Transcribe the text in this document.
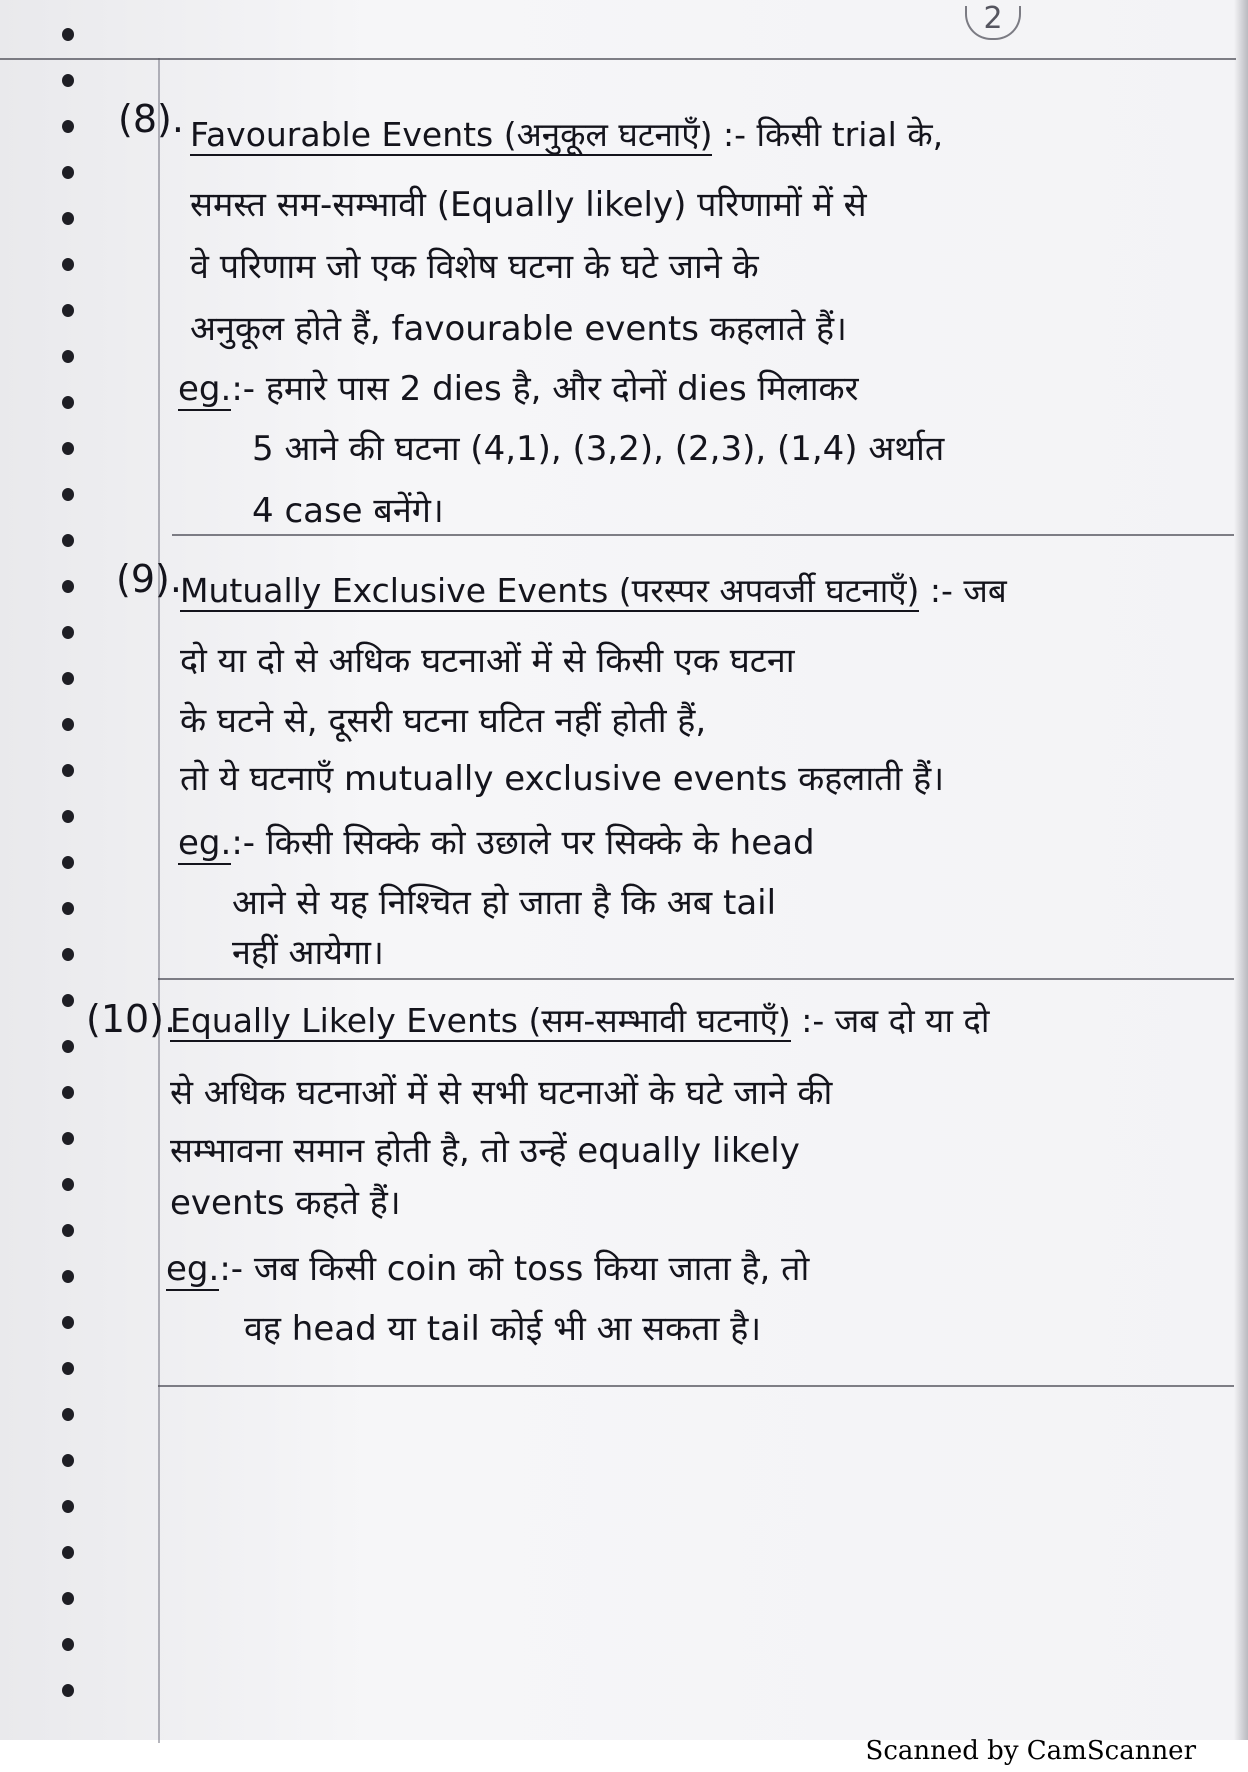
2
(8). Favourable Events (अनुकूल घटनाएँ) :- किसी trial के,
समस्त सम-सम्भावी (Equally likely) परिणामों में से
वे परिणाम जो एक विशेष घटना के घटे जाने के
अनुकूल होते हैं, favourable events कहलाते हैं।
eg.:- हमारे पास 2 dies है, और दोनों dies मिलाकर
5 आने की घटना (4,1), (3,2), (2,3), (1,4) अर्थात
4 case बनेंगे।
(9).
Mutually Exclusive Events (परस्पर अपवर्जी घटनाएँ) :- जब
दो या दो से अधिक घटनाओं में से किसी एक घटना
के घटने से, दूसरी घटना घटित नहीं होती हैं,
तो ये घटनाएँ mutually exclusive events कहलाती हैं।
eg.:- किसी सिक्के को उछाले पर सिक्के के head
आने से यह निश्चित हो जाता है कि अब tail
नहीं आयेगा।
(10).
Equally Likely Events (सम-सम्भावी घटनाएँ) :- जब दो या दो
से अधिक घटनाओं में से सभी घटनाओं के घटे जाने की
सम्भावना समान होती है, तो उन्हें equally likely
events कहते हैं।
eg.:- जब किसी coin को toss किया जाता है, तो
वह head या tail कोई भी आ सकता है।
Scanned by CamScanner
